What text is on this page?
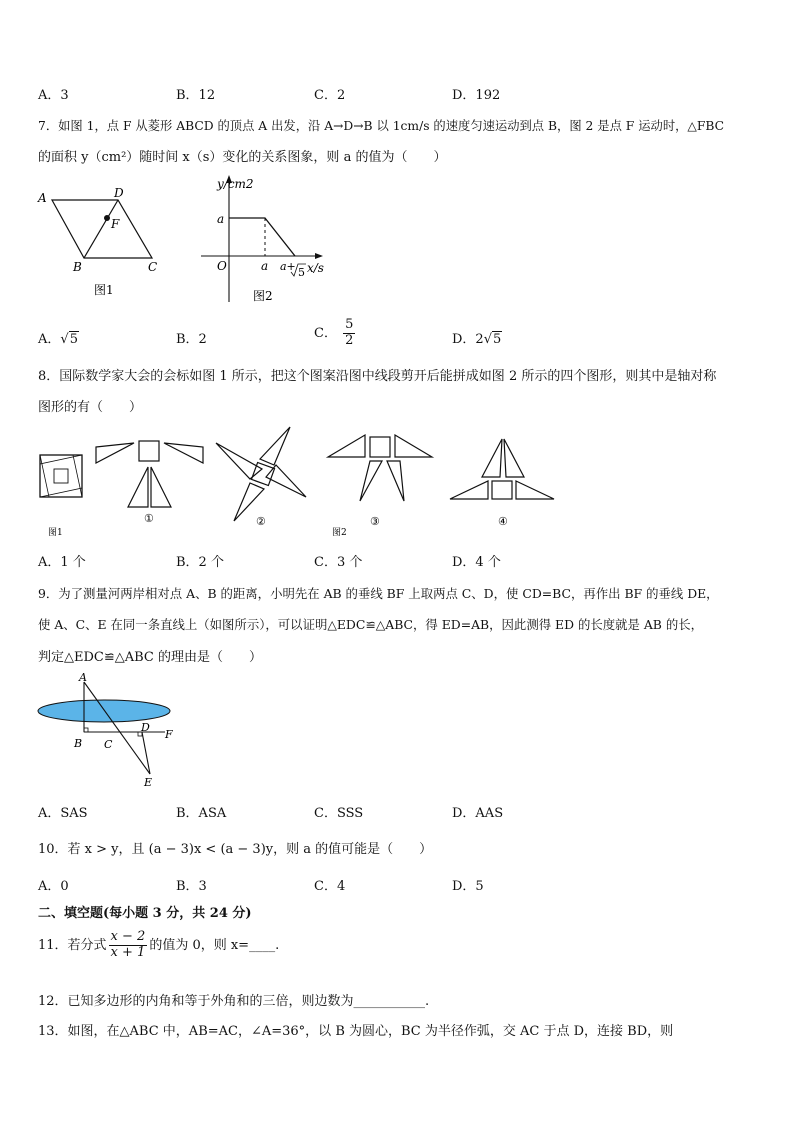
A．3	B．12	C．2	D．192
7．如图 1，点 F 从菱形 ABCD 的顶点 A 出发，沿 A→D→B 以 1cm/s 的速度匀速运动到点 B，图 2 是点 F 运动时，△FBC
的面积 y（cm²）随时间 x（s）变化的关系图象，则 a 的值为（　　）
A	D
F
B	C
图1
y/cm2
a
O	a a+ 5 x/s
图2
A．√5	B．2	C． $\frac{5}{2}$	D．2√5
8．国际数学家大会的会标如图 1 所示，把这个图案沿图中线段剪开后能拼成如图 2 所示的四个图形，则其中是轴对称
图形的有（　　）
图1
①	②
图2
③	④
A．1 个	B．2 个	C．3 个	D．4 个
9．为了测量河两岸相对点 A、B 的距离，小明先在 AB 的垂线 BF 上取两点 C、D，使 CD=BC，再作出 BF 的垂线 DE，
使 A、C、E 在同一条直线上（如图所示），可以证明△EDC≌△ABC，得 ED=AB，因此测得 ED 的长度就是 AB 的长，
判定△EDC≌△ABC 的理由是（　　）
A
B C
D
F
E
A．SAS	B．ASA	C．SSS	D．AAS
10．若 x > y，且 (a − 3)x < (a − 3)y，则 a 的值可能是（　　）
A．0	B．3	C．4	D．5
二、填空题(每小题 3 分，共 24 分)
11．若分式 $\frac{x - 2}{x + 1}$ 的值为 0，则 x=____.
12．已知多边形的内角和等于外角和的三倍，则边数为___________.
13．如图，在△ABC 中，AB=AC，∠A=36°，以 B 为圆心，BC 为半径作弧，交 AC 于点 D，连接 BD，则
